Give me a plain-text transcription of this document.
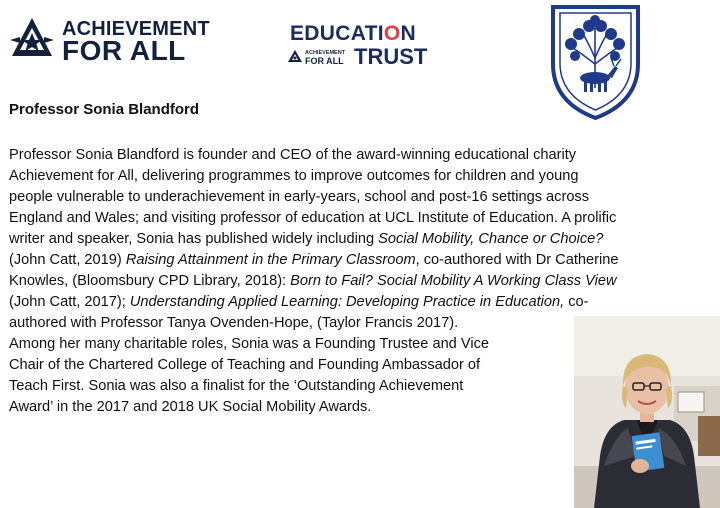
ACHIEVEMENT
FOR ALL
EDUCATION
ACHIEVEMENT
FOR ALL TRUST
Professor Sonia Blandford

Professor Sonia Blandford is founder and CEO of the award-winning educational charity
Achievement for All, delivering programmes to improve outcomes for children and young
people vulnerable to underachievement in early-years, school and post-16 settings across
England and Wales; and visiting professor of education at UCL Institute of Education. A prolific
writer and speaker, Sonia has published widely including Social Mobility, Chance or Choice?
(John Catt, 2019) Raising Attainment in the Primary Classroom, co-authored with Dr Catherine
Knowles, (Bloomsbury CPD Library, 2018): Born to Fail? Social Mobility A Working Class View
(John Catt, 2017); Understanding Applied Learning: Developing Practice in Education, co-
authored with Professor Tanya Ovenden-Hope, (Taylor Francis 2017).
Among her many charitable roles, Sonia was a Founding Trustee and Vice
Chair of the Chartered College of Teaching and Founding Ambassador of
Teach First. Sonia was also a finalist for the ‘Outstanding Achievement
Award’ in the 2017 and 2018 UK Social Mobility Awards.
